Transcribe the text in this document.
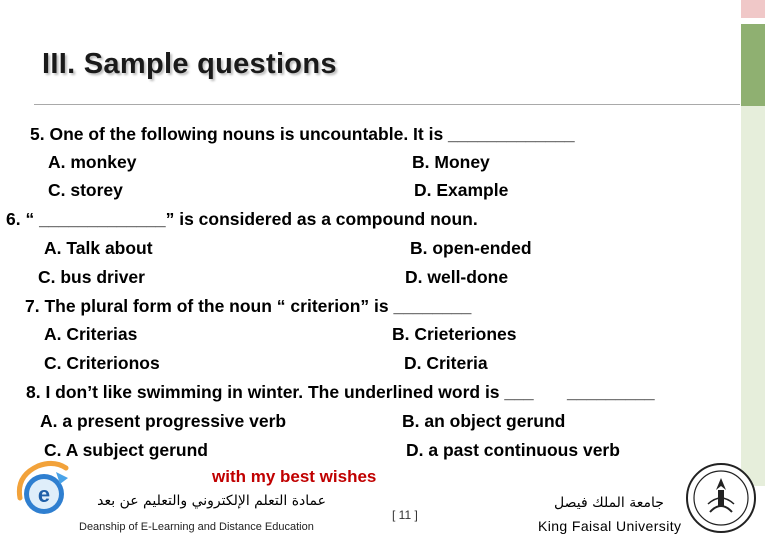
III. Sample questions
5. One of the following nouns is uncountable. It is _____________
A. monkey	B. Money
C. storey	D. Example
6. “ _____________” is considered as a compound noun.
A. Talk about	B. open-ended
C. bus driver	D. well-done
7. The plural form of the noun “ criterion” is ________
A. Criterias	B. Crieteriones
C. Criterionos	D. Criteria
8. I don’t like swimming in winter. The underlined word is ___ _________
A. a present progressive verb	B. an object gerund
C. A subject gerund	D. a past continuous verb
with my best wishes
e	عمادة التعلم الإلكتروني والتعليم عن بعد
Deanship of E-Learning and Distance Education
[ 11 ]
جامعة الملك فيصل
King Faisal University
